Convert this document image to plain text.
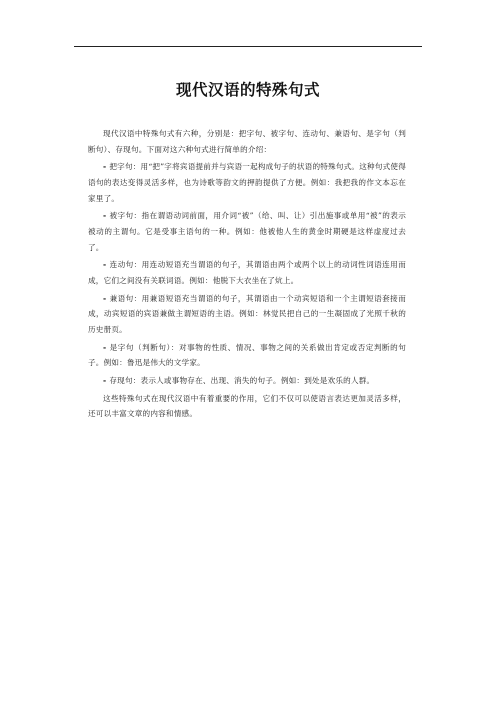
现代汉语的特殊句式

现代汉语中特殊句式有六种，分别是：把字句、被字句、连动句、兼语句、是字句（判断句）、存现句。下面对这六种句式进行简单的介绍：

- 把字句：用“把”字将宾语提前并与宾语一起构成句子的状语的特殊句式。这种句式使得语句的表达变得灵活多样，也为诗歌等韵文的押韵提供了方便。例如：我把我的作文本忘在家里了。

- 被字句：指在谓语动词前面，用介词“被”（给、叫、让）引出施事或单用“被”的表示被动的主谓句。它是受事主语句的一种。例如：他被他人生的黄金时期硬是这样虚度过去了。

- 连动句：用连动短语充当谓语的句子，其谓语由两个或两个以上的动词性词语连用而成，它们之间没有关联词语。例如：他脱下大衣坐在了炕上。

- 兼语句：用兼语短语充当谓语的句子，其谓语由一个动宾短语和一个主谓短语套接而成，动宾短语的宾语兼做主谓短语的主语。例如：林觉民把自己的一生凝固成了光照千秋的历史册页。

- 是字句（判断句）：对事物的性质、情况、事物之间的关系做出肯定或否定判断的句子。例如：鲁迅是伟大的文学家。

- 存现句：表示人或事物存在、出现、消失的句子。例如：到处是欢乐的人群。

这些特殊句式在现代汉语中有着重要的作用，它们不仅可以使语言表达更加灵活多样，还可以丰富文章的内容和情感。
